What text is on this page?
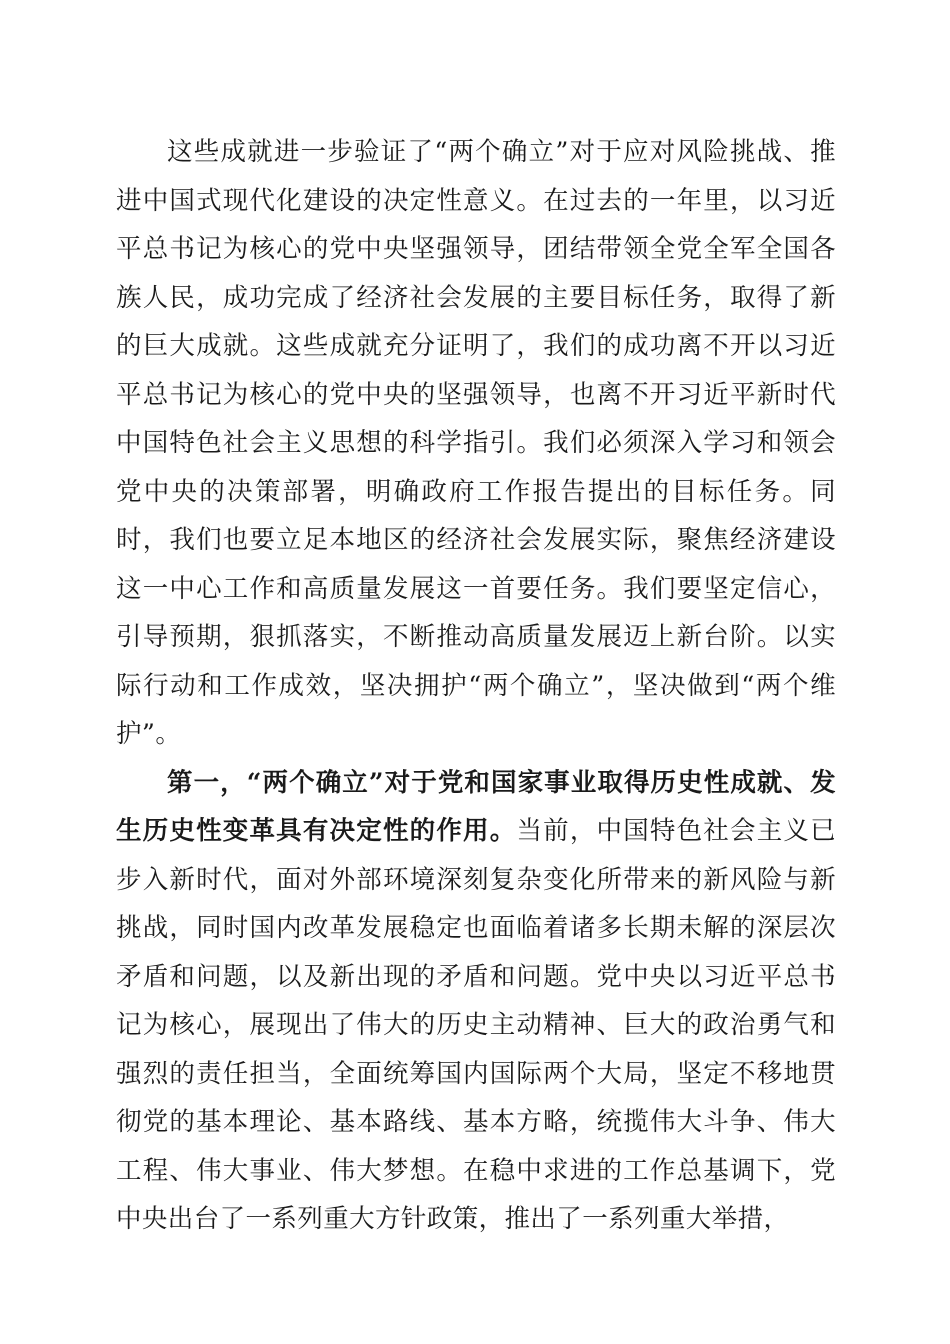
这些成就进一步验证了“两个确立”对于应对风险挑战、推进中国式现代化建设的决定性意义。在过去的一年里，以习近平总书记为核心的党中央坚强领导，团结带领全党全军全国各族人民，成功完成了经济社会发展的主要目标任务，取得了新的巨大成就。这些成就充分证明了，我们的成功离不开以习近平总书记为核心的党中央的坚强领导，也离不开习近平新时代中国特色社会主义思想的科学指引。我们必须深入学习和领会党中央的决策部署，明确政府工作报告提出的目标任务。同时，我们也要立足本地区的经济社会发展实际，聚焦经济建设这一中心工作和高质量发展这一首要任务。我们要坚定信心，引导预期，狠抓落实，不断推动高质量发展迈上新台阶。以实际行动和工作成效，坚决拥护“两个确立”，坚决做到“两个维护”。

第一，“两个确立”对于党和国家事业取得历史性成就、发生历史性变革具有决定性的作用。当前，中国特色社会主义已步入新时代，面对外部环境深刻复杂变化所带来的新风险与新挑战，同时国内改革发展稳定也面临着诸多长期未解的深层次矛盾和问题，以及新出现的矛盾和问题。党中央以习近平总书记为核心，展现出了伟大的历史主动精神、巨大的政治勇气和强烈的责任担当，全面统筹国内国际两个大局，坚定不移地贯彻党的基本理论、基本路线、基本方略，统揽伟大斗争、伟大工程、伟大事业、伟大梦想。在稳中求进的工作总基调下，党中央出台了一系列重大方针政策，推出了一系列重大举措，
